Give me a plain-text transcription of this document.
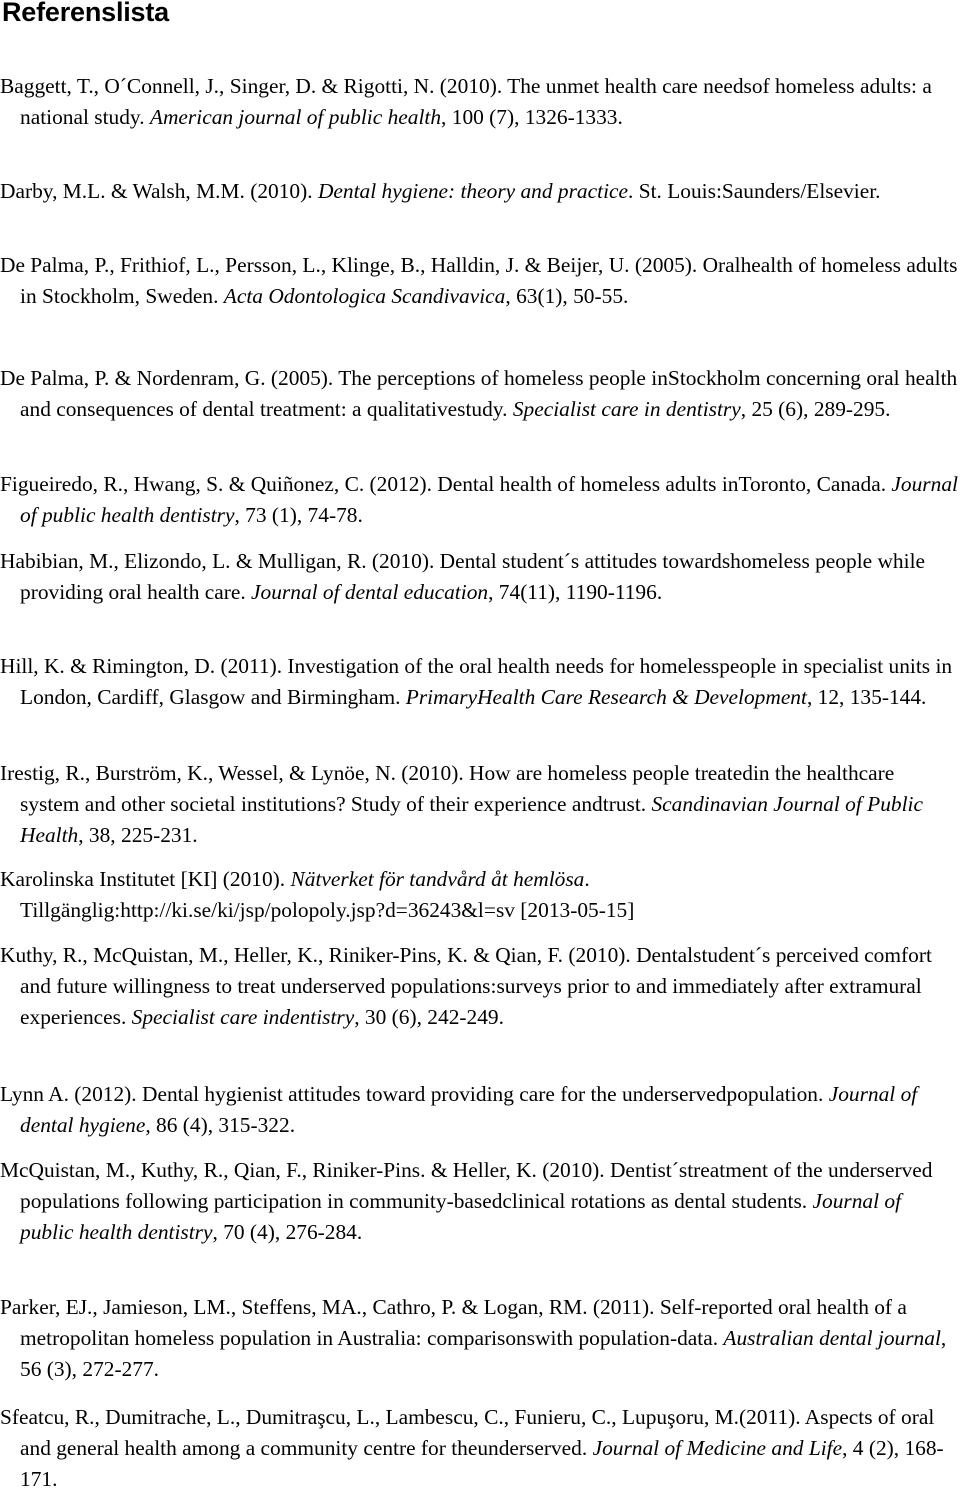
Referenslista

Baggett, T., O´Connell, J., Singer, D. & Rigotti, N. (2010). The unmet health care needsof homeless adults: a national study. American journal of public health, 100 (7), 1326-1333.

Darby, M.L. & Walsh, M.M. (2010). Dental hygiene: theory and practice. St. Louis:Saunders/Elsevier.

De Palma, P., Frithiof, L., Persson, L., Klinge, B., Halldin, J. & Beijer, U. (2005). Oralhealth of homeless adults in Stockholm, Sweden. Acta Odontologica Scandivavica, 63(1), 50-55.

De Palma, P. & Nordenram, G. (2005). The perceptions of homeless people inStockholm concerning oral health and consequences of dental treatment: a qualitativestudy. Specialist care in dentistry, 25 (6), 289-295.

Figueiredo, R., Hwang, S. & Quiñonez, C. (2012). Dental health of homeless adults inToronto, Canada. Journal of public health dentistry, 73 (1), 74-78.

Habibian, M., Elizondo, L. & Mulligan, R. (2010). Dental student´s attitudes towardshomeless people while providing oral health care. Journal of dental education, 74(11), 1190-1196.

Hill, K. & Rimington, D. (2011). Investigation of the oral health needs for homelesspeople in specialist units in London, Cardiff, Glasgow and Birmingham. PrimaryHealth Care Research & Development, 12, 135-144.

Irestig, R., Burström, K., Wessel, & Lynöe, N. (2010). How are homeless people treatedin the healthcare system and other societal institutions? Study of their experience andtrust. Scandinavian Journal of Public Health, 38, 225-231.

Karolinska Institutet [KI] (2010). Nätverket för tandvård åt hemlösa. Tillgänglig:http://ki.se/ki/jsp/polopoly.jsp?d=36243&l=sv [2013-05-15]

Kuthy, R., McQuistan, M., Heller, K., Riniker-Pins, K. & Qian, F. (2010). Dentalstudent´s perceived comfort and future willingness to treat underserved populations:surveys prior to and immediately after extramural experiences. Specialist care indentistry, 30 (6), 242-249.

Lynn A. (2012). Dental hygienist attitudes toward providing care for the underservedpopulation. Journal of dental hygiene, 86 (4), 315-322.

McQuistan, M., Kuthy, R., Qian, F., Riniker-Pins. & Heller, K. (2010). Dentist´streatment of the underserved populations following participation in community-basedclinical rotations as dental students. Journal of public health dentistry, 70 (4), 276-284.

Parker, EJ., Jamieson, LM., Steffens, MA., Cathro, P. & Logan, RM. (2011). Self-reported oral health of a metropolitan homeless population in Australia: comparisonswith population-data. Australian dental journal, 56 (3), 272-277.

Sfeatcu, R., Dumitrache, L., Dumitraşcu, L., Lambescu, C., Funieru, C., Lupuşoru, M.(2011). Aspects of oral and general health among a community centre for theunderserved. Journal of Medicine and Life, 4 (2), 168-171.
